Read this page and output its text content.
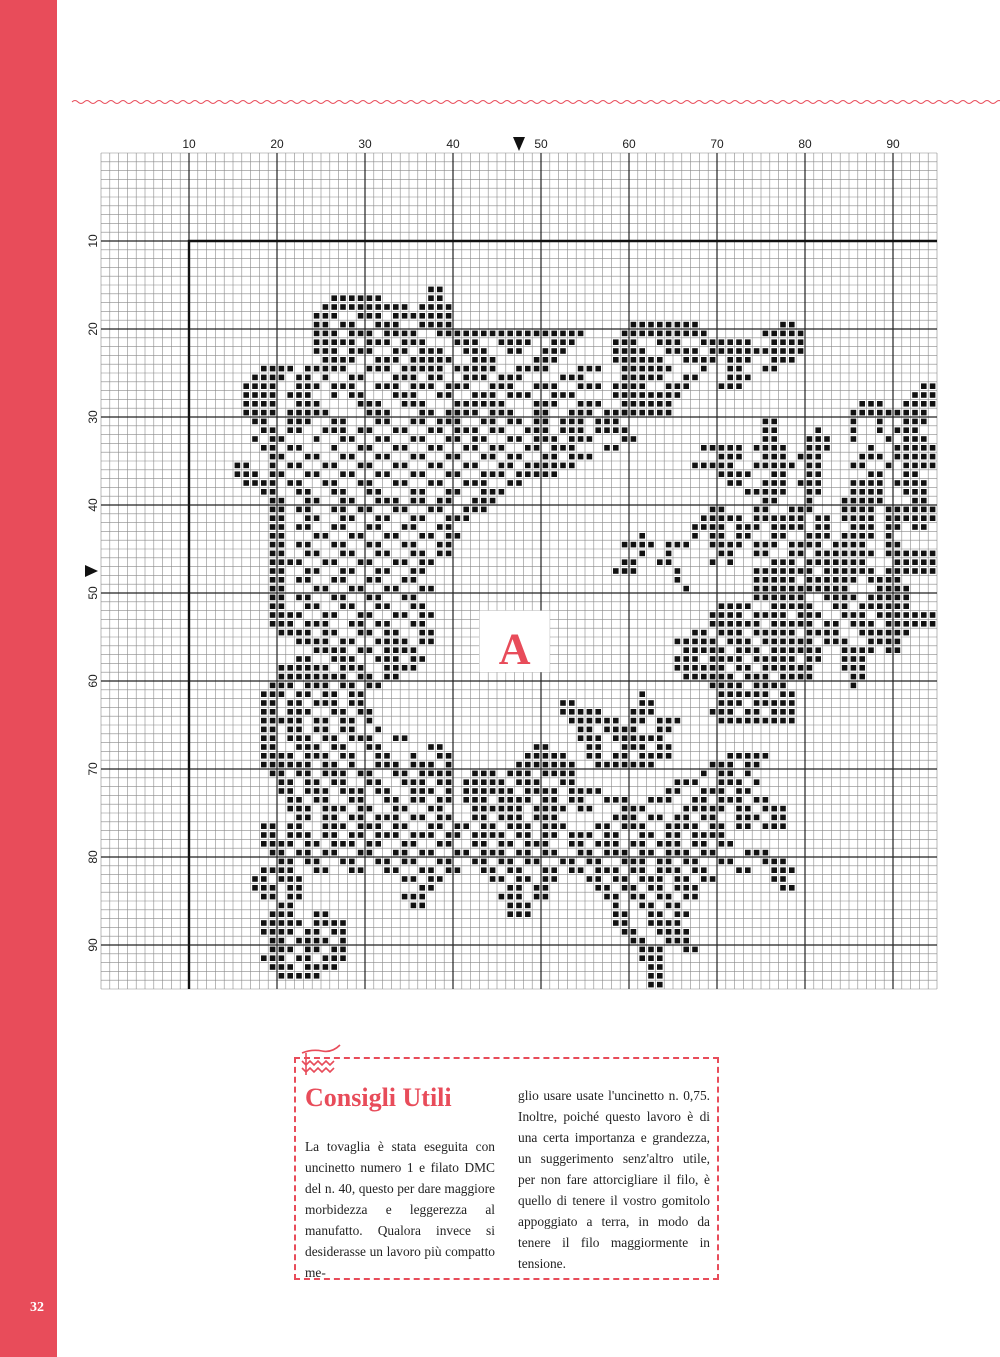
32
10	20	30	40	50	60	70	80	90
10
20
30
40
50
60
70
80
90
A
Consigli Utili
La tovaglia è stata eseguita con uncinetto numero 1 e filato DMC del n. 40, questo per dare maggiore morbidezza e leggerezza al manufatto. Qualora invece si desiderasse un lavoro più compatto me-
glio usare usate l'uncinetto n. 0,75. Inoltre, poiché questo lavoro è di una certa importanza e grandezza, un suggerimento senz'altro utile, per non fare attorcigliare il filo, è quello di tenere il vostro gomitolo appoggiato a terra, in modo da tenere il filo maggiormente in tensione.
